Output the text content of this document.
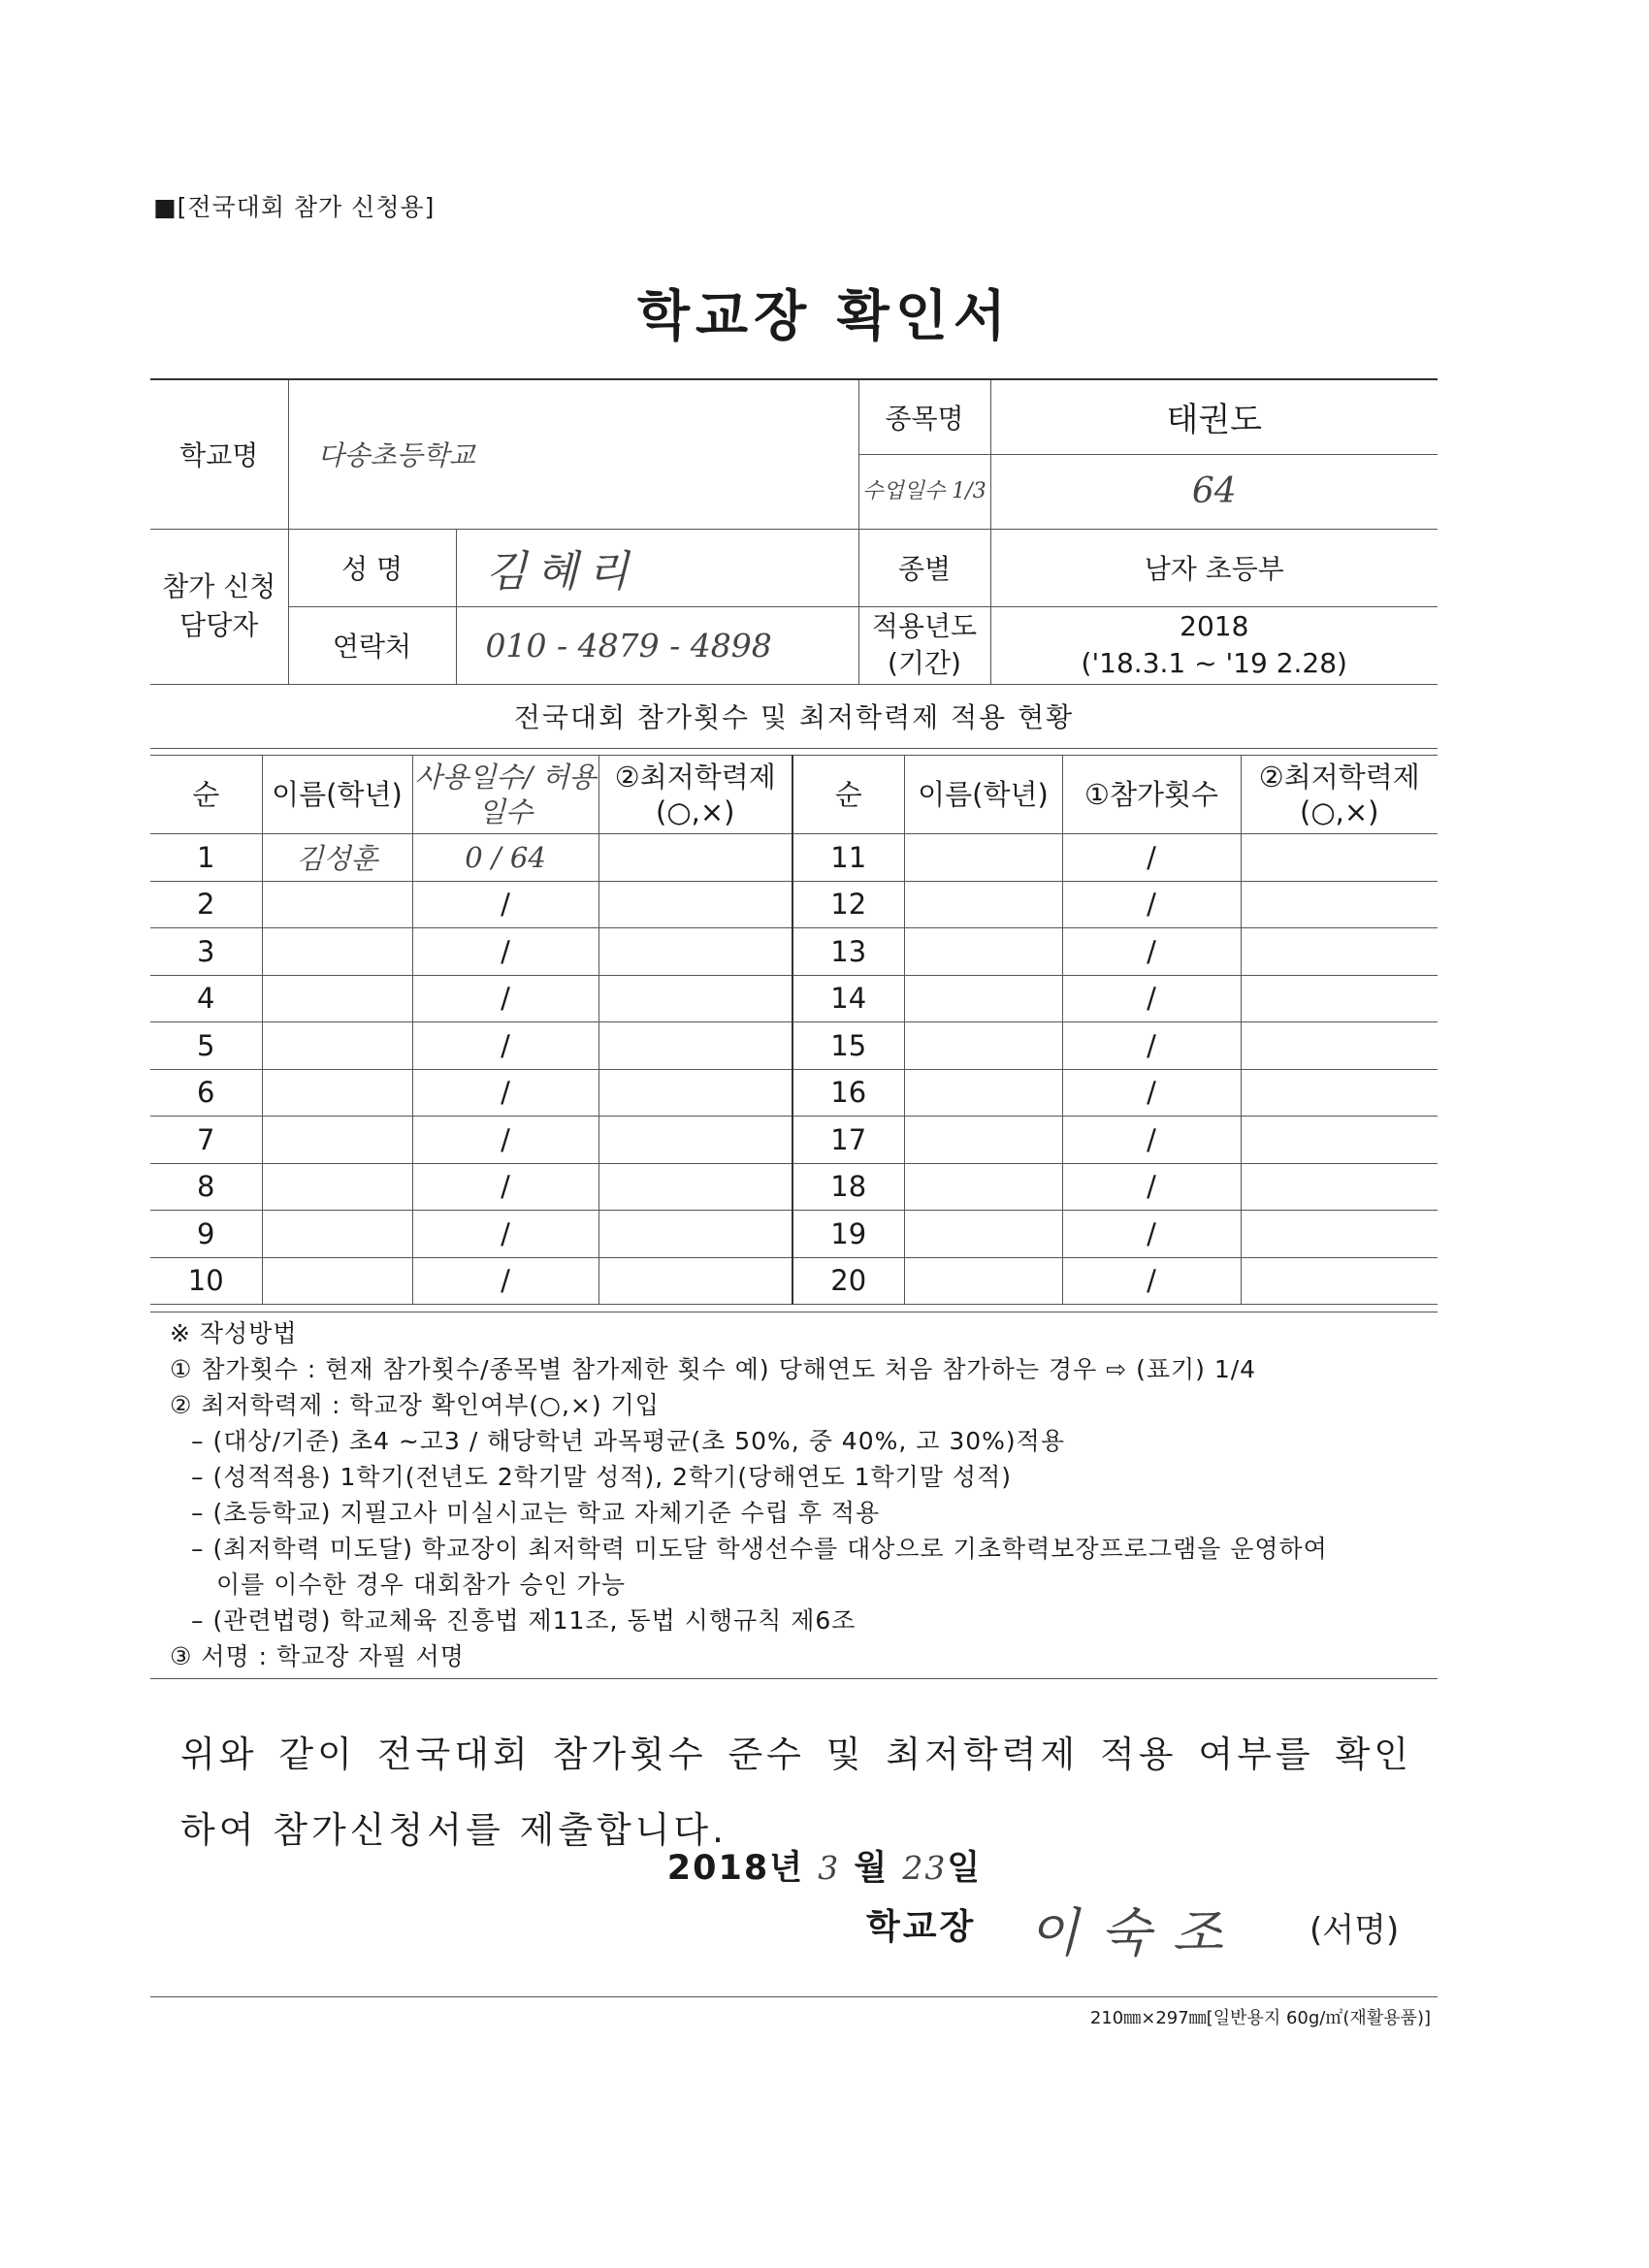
■[전국대회 참가 신청용]
학교장 확인서
학교명	다송초등학교		종목명	태권도
			수업일수 1/3	64
참가 신청 담당자	성 명	김혜리	종별	남자 초등부
	연락처	010 - 4879 - 4898	적용년도 (기간)	2018
('18.3.1 ~ '19 2.28)

전국대회 참가횟수 및 최저학력제 적용 현황				
순	이름(학년)	사용일수/ 허용일수	②최저학력제 (○,×)	순	이름(학년)	①참가횟수	②최저학력제 (○,×)
1	김성훈	0 / 64		11		/	
2		/		12		/	
3		/		13		/	
4		/		14		/	
5		/		15		/	
6		/		16		/	
7		/		17		/	
8		/		18		/	
9		/		19		/	
10		/		20		/	
※ 작성방법
① 참가횟수 : 현재 참가횟수/종목별 참가제한 횟수 예) 당해연도 처음 참가하는 경우 ⇨ (표기) 1/4
② 최저학력제 : 학교장 확인여부(○,×) 기입
– (대상/기준) 초4 ~고3 / 해당학년 과목평균(초 50%, 중 40%, 고 30%)적용
– (성적적용) 1학기(전년도 2학기말 성적), 2학기(당해연도 1학기말 성적)
– (초등학교) 지필고사 미실시교는 학교 자체기준 수립 후 적용
– (최저학력 미도달) 학교장이 최저학력 미도달 학생선수를 대상으로 기초학력보장프로그램을 운영하여
이를 이수한 경우 대회참가 승인 가능
– (관련법령) 학교체육 진흥법 제11조, 동법 시행규칙 제6조
③ 서명 : 학교장 자필 서명
위와 같이 전국대회 참가횟수 준수 및 최저학력제 적용 여부를 확인 하여 참가신청서를 제출합니다.
2018년 3 월 23일
학교장 이숙조 (서명)
210㎜×297㎜[일반용지 60g/㎡(재활용품)]
